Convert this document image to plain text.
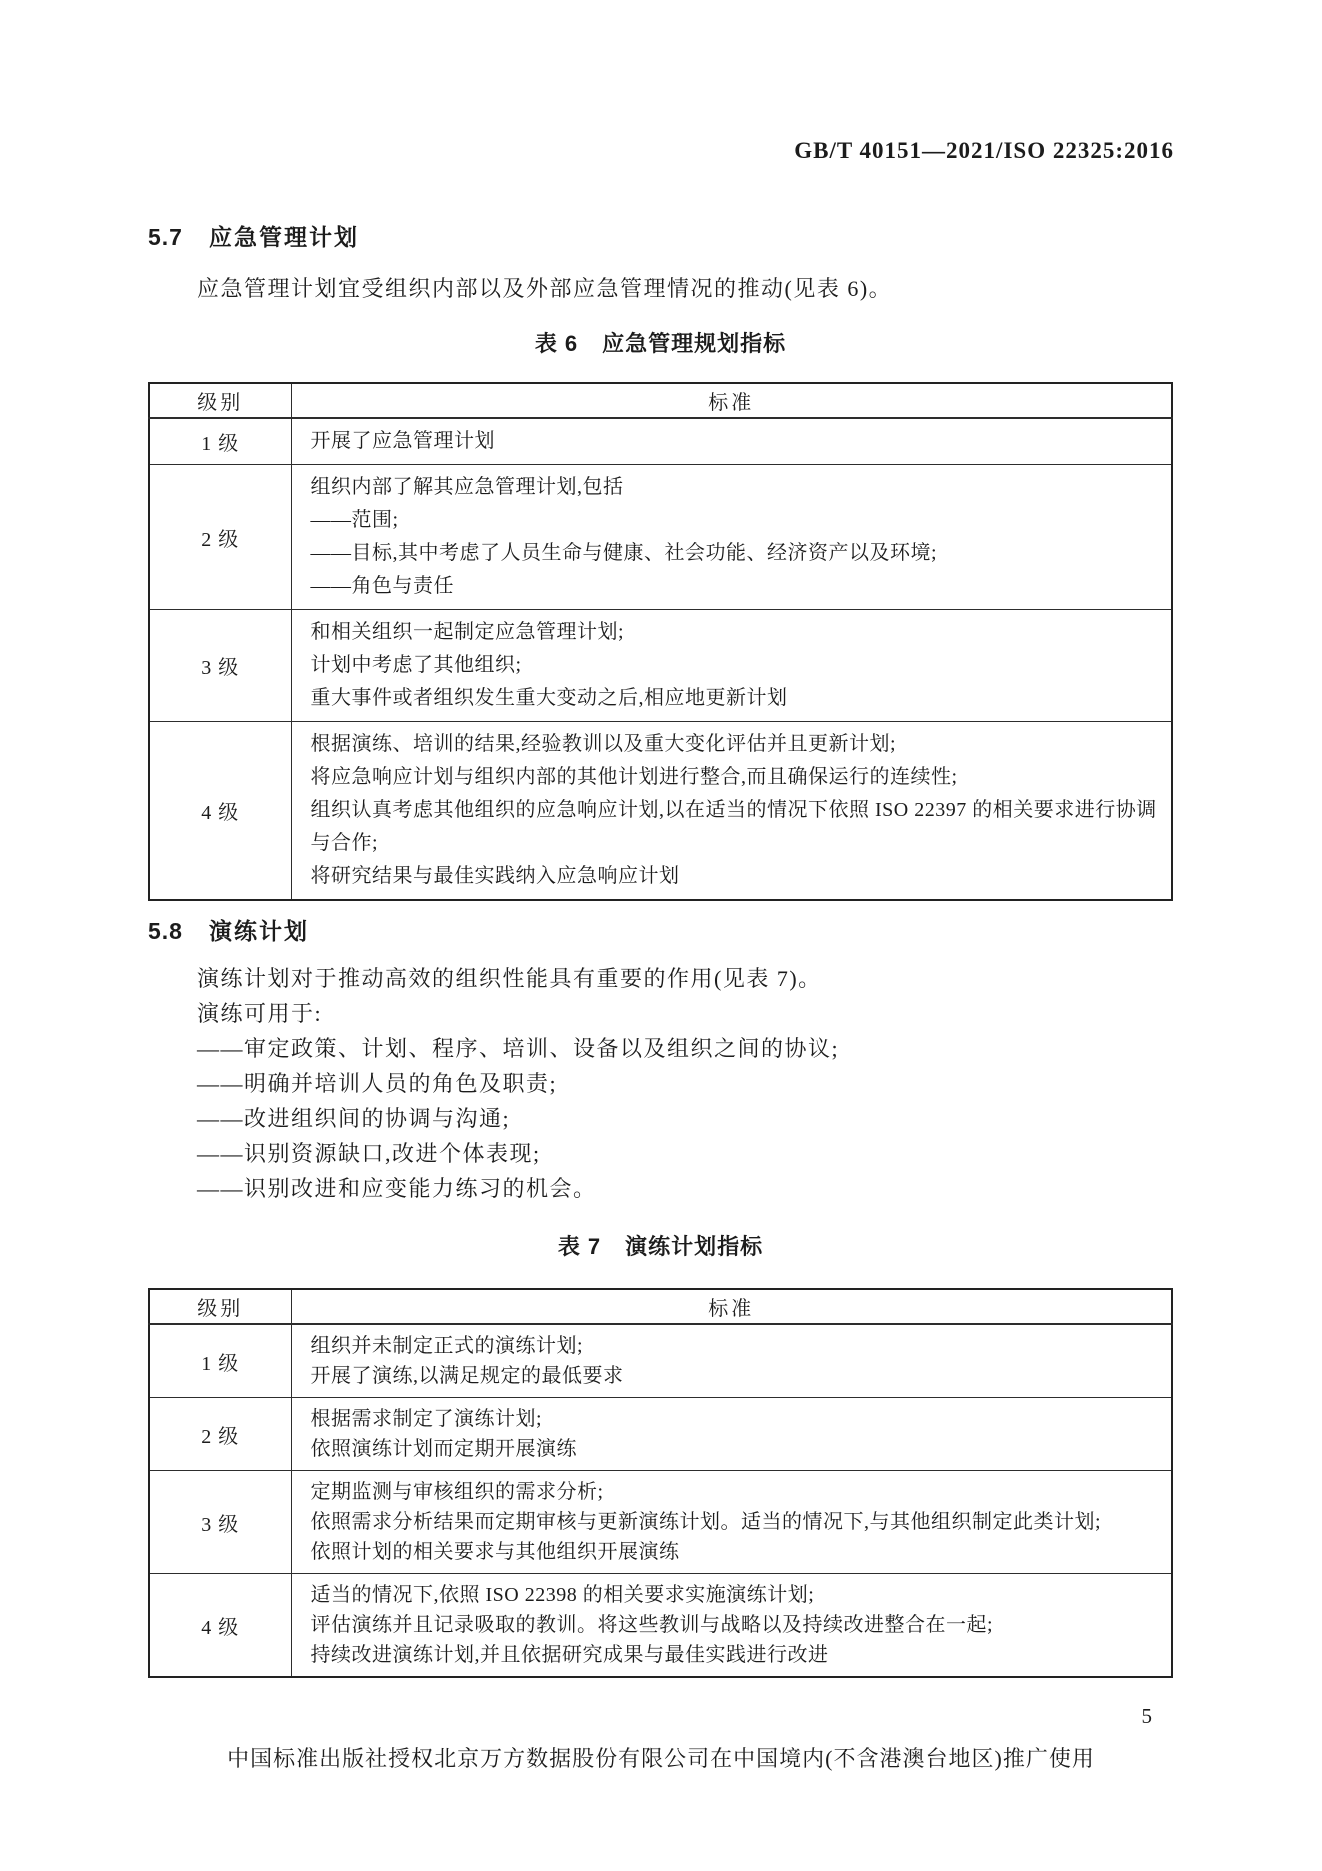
GB/T 40151—2021/ISO 22325:2016
5.7 应急管理计划
应急管理计划宜受组织内部以及外部应急管理情况的推动(见表 6)。
表 6 应急管理规划指标
级别	标准
1 级	开展了应急管理计划

2 级	组织内部了解其应急管理计划,包括
——范围;
——目标,其中考虑了人员生命与健康、社会功能、经济资产以及环境;
——角色与责任

3 级	和相关组织一起制定应急管理计划;
计划中考虑了其他组织;
重大事件或者组织发生重大变动之后,相应地更新计划

4 级	根据演练、培训的结果,经验教训以及重大变化评估并且更新计划;
将应急响应计划与组织内部的其他计划进行整合,而且确保运行的连续性;
组织认真考虑其他组织的应急响应计划,以在适当的情况下依照 ISO 22397 的相关要求进行协调与合作;
将研究结果与最佳实践纳入应急响应计划
5.8 演练计划
演练计划对于推动高效的组织性能具有重要的作用(见表 7)。
演练可用于:
——审定政策、计划、程序、培训、设备以及组织之间的协议;
——明确并培训人员的角色及职责;
——改进组织间的协调与沟通;
——识别资源缺口,改进个体表现;
——识别改进和应变能力练习的机会。
表 7 演练计划指标
级别	标准
1 级	组织并未制定正式的演练计划;
开展了演练,以满足规定的最低要求

2 级	根据需求制定了演练计划;
依照演练计划而定期开展演练

3 级	定期监测与审核组织的需求分析;
依照需求分析结果而定期审核与更新演练计划。适当的情况下,与其他组织制定此类计划;
依照计划的相关要求与其他组织开展演练

4 级	适当的情况下,依照 ISO 22398 的相关要求实施演练计划;
评估演练并且记录吸取的教训。将这些教训与战略以及持续改进整合在一起;
持续改进演练计划,并且依据研究成果与最佳实践进行改进
5
中国标准出版社授权北京万方数据股份有限公司在中国境内(不含港澳台地区)推广使用
